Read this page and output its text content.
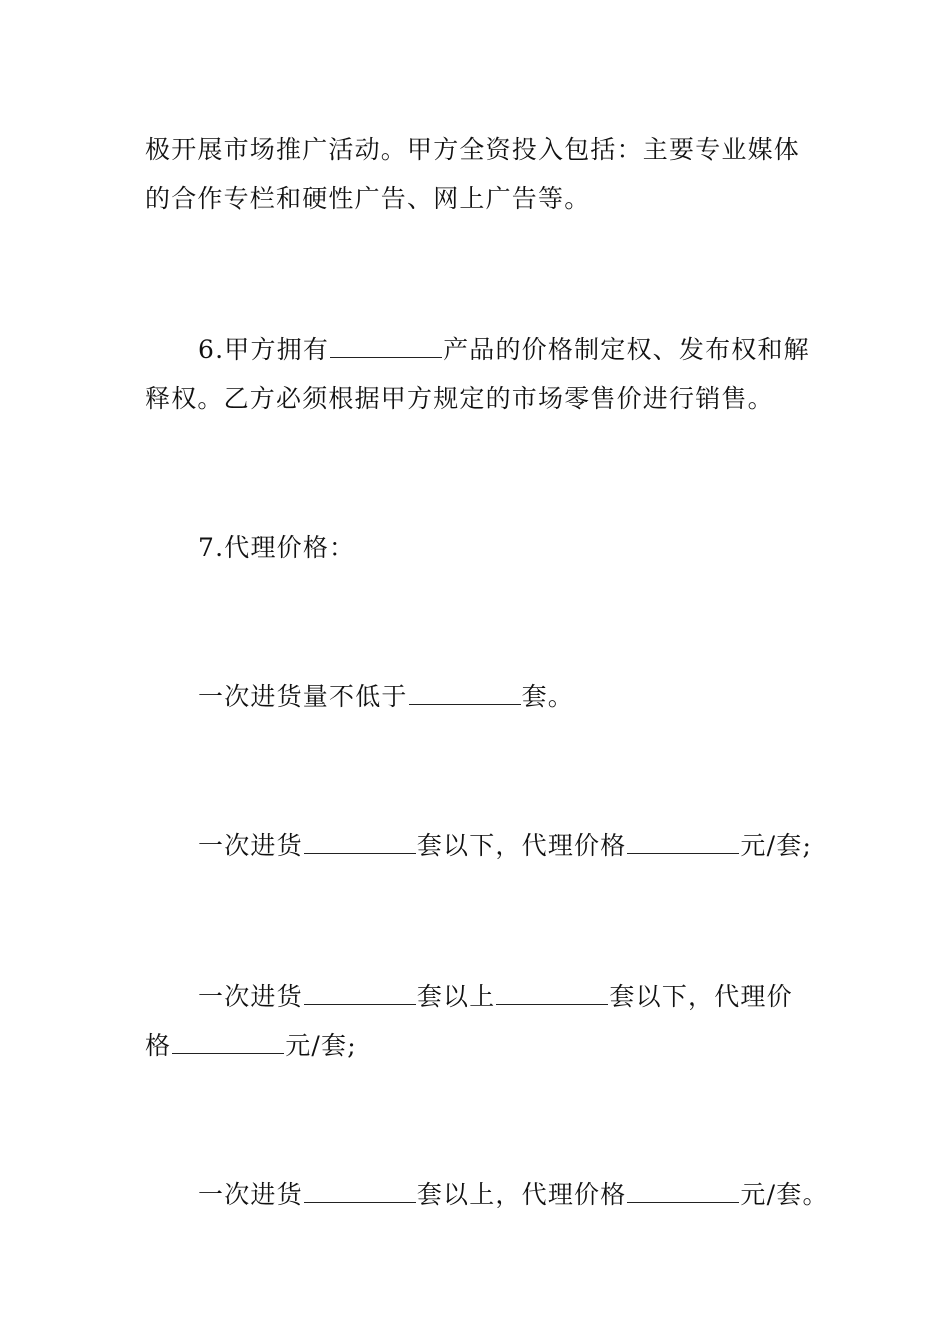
极开展市场推广活动。甲方全资投入包括：主要专业媒体
的合作专栏和硬性广告、网上广告等。
6.甲方拥有	产品的价格制定权、发布权和解
释权。乙方必须根据甲方规定的市场零售价进行销售。
7.代理价格：
一次进货量不低于	套。
一次进货	套以下，代理价格	元/套;
一次进货	套以上	套以下，代理价
格	元/套;
一次进货	套以上，代理价格	元/套。
